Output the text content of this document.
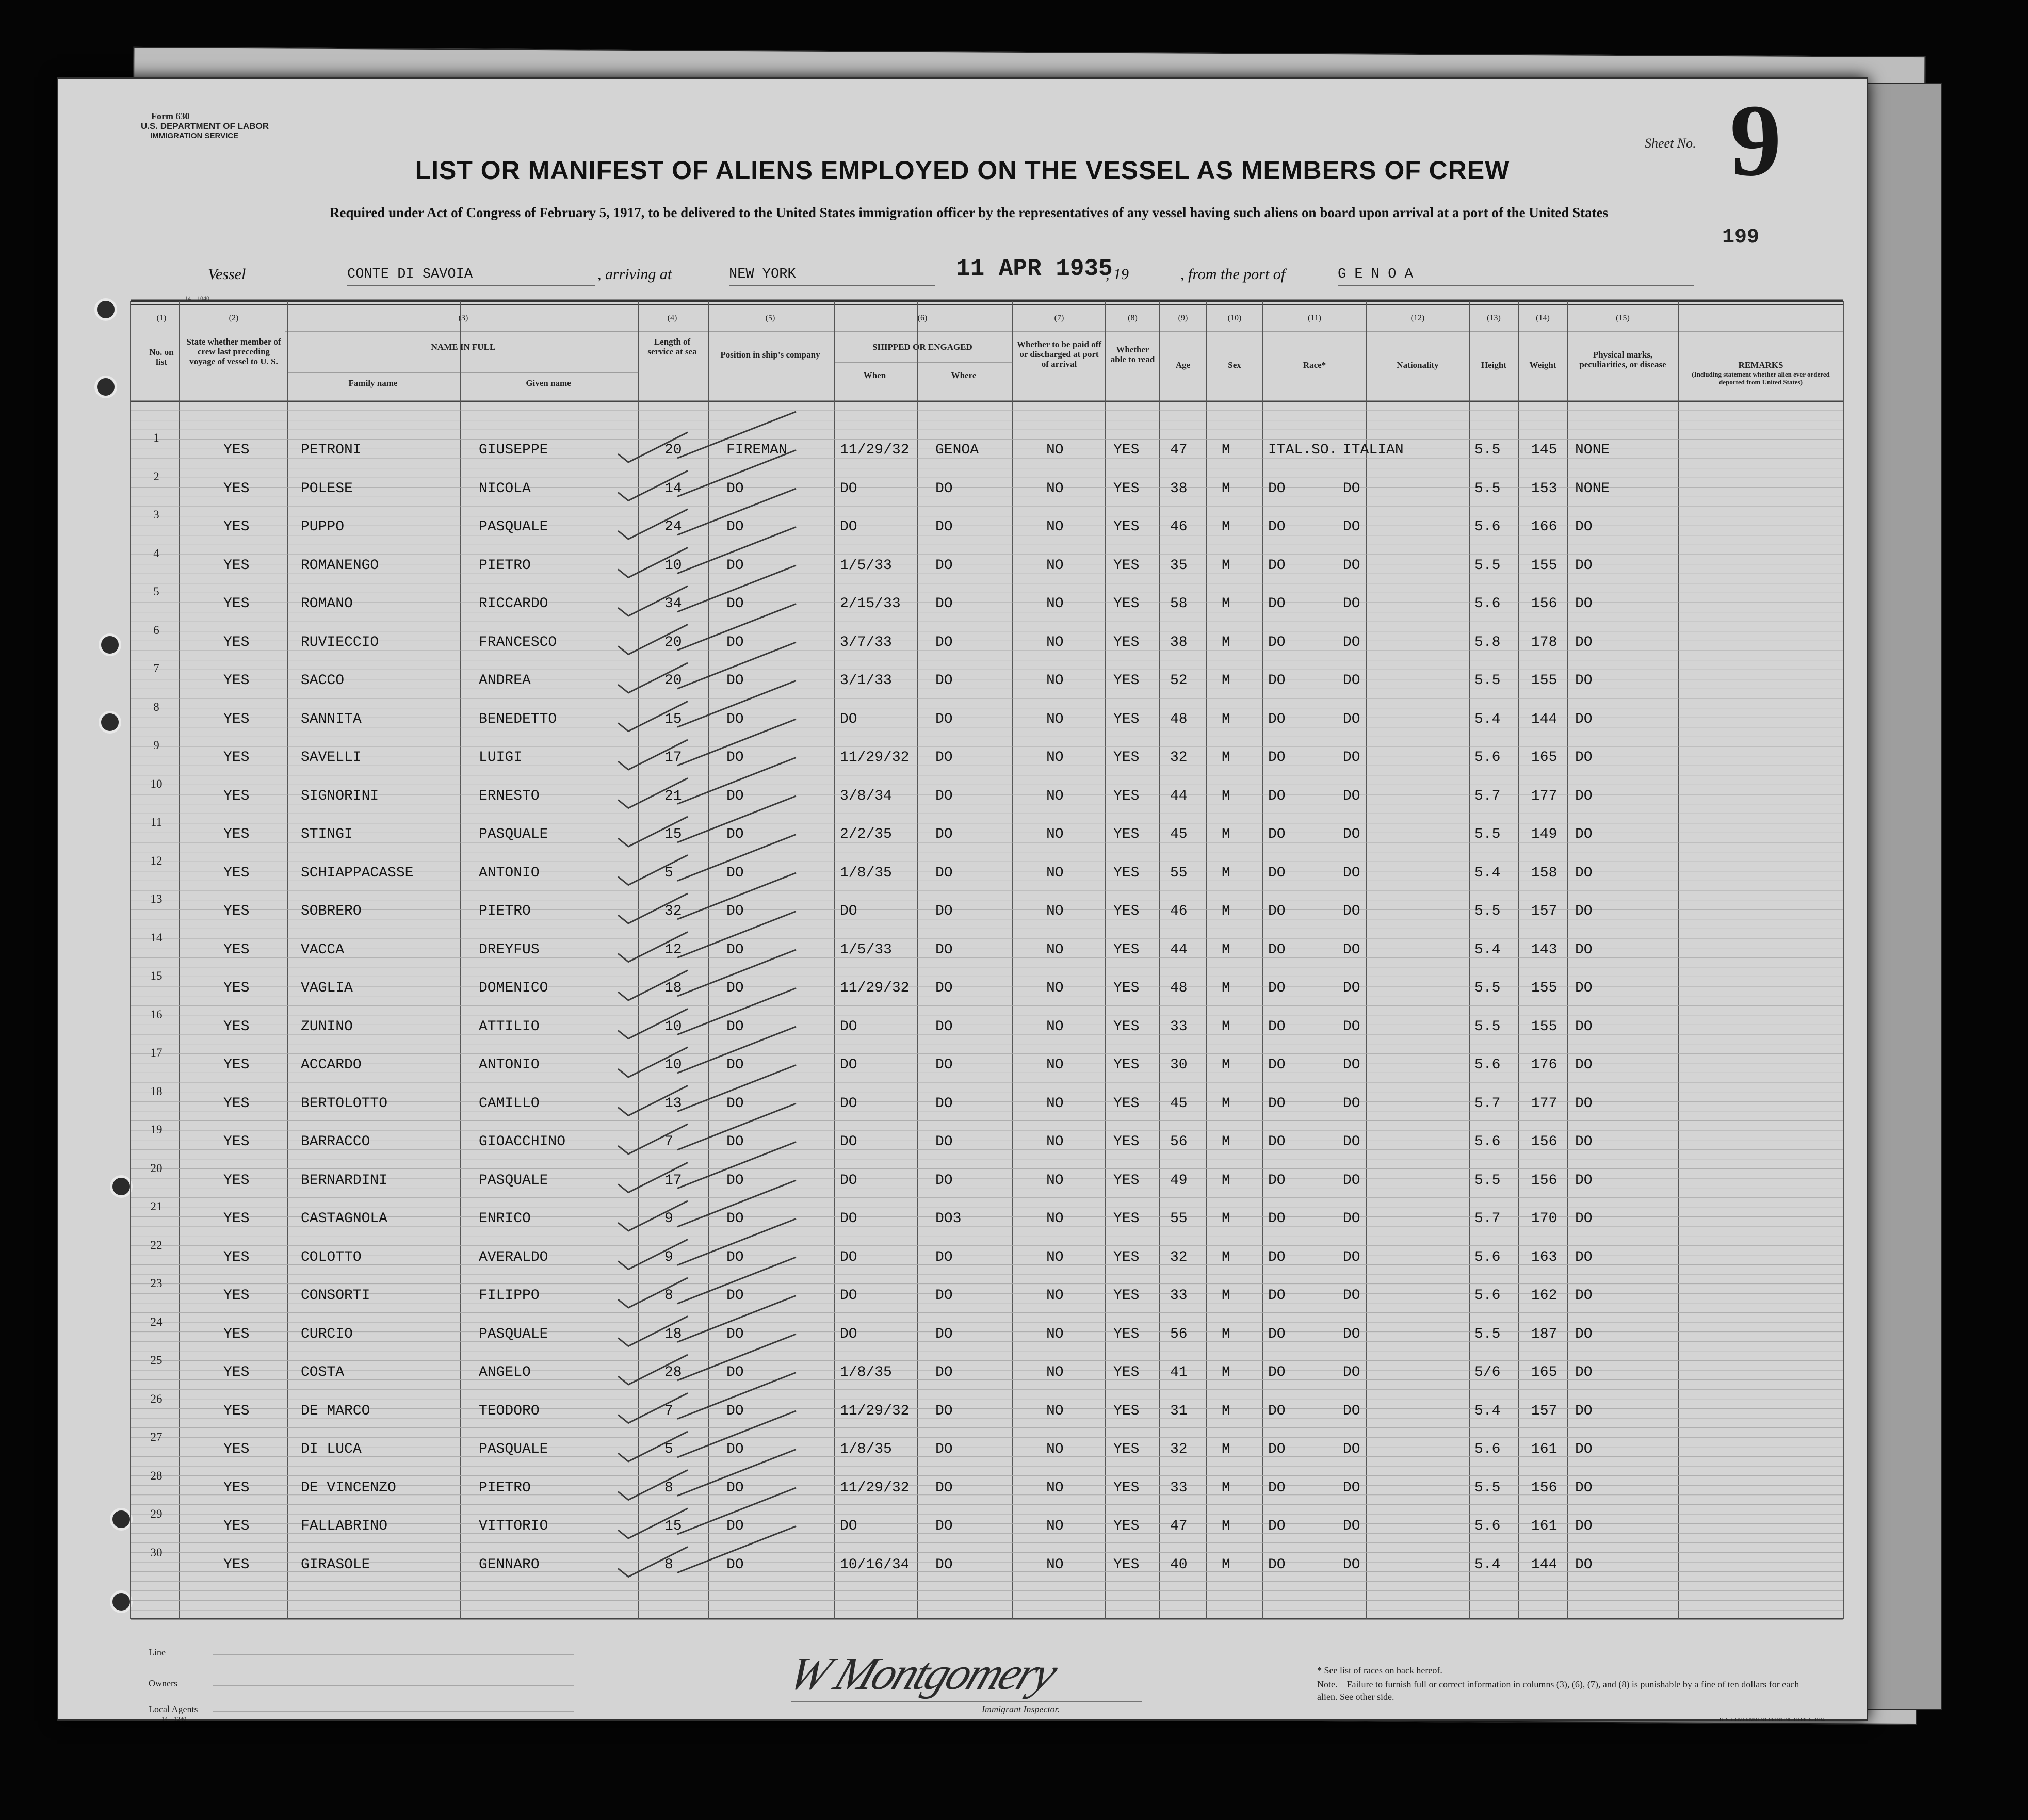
Form 630
U.S. DEPARTMENT OF LABOR
IMMIGRATION SERVICE
LIST OR MANIFEST OF ALIENS EMPLOYED ON THE VESSEL AS MEMBERS OF CREW
Required under Act of Congress of February 5, 1917, to be delivered to the United States immigration officer by the representatives of any vessel having such aliens on board upon arrival at a port of the United States
Sheet No. 9
199
Vessel	CONTE DI SAVOIA	, arriving at	NEW YORK	11 APR 1935
, 19	, from the port of	G E N O A
14—1040
(1)
No. on list
(2)
State whether member of crew last preceding voyage of vessel to U. S.
(3)
NAME IN FULL
Family name	Given name
(4)
Length of service at sea
(5)
Position in ship's company
(6)
SHIPPED OR ENGAGED
When	Where
(7)
Whether to be paid off or discharged at port of arrival
(8)
Whether able to read
(9)
Age
(10)
Sex
(11)
Race*
(12)
Nationality
(13)
Height
(14)
Weight
(15)
Physical marks, peculiarities, or disease	REMARKS
(Including statement whether alien ever ordered deported from United States)
1
YES	PETRONI	GIUSEPPE	20	FIREMAN	11/29/32 GENOA	NO	YES 47 M	ITAL.SO. ITALIAN	5.5 145 NONE
2
YES	POLESE	NICOLA	14	DO	DO	DO	NO	YES 38 M	DO	DO	5.5 153 NONE
3
YES	PUPPO	PASQUALE	24	DO	DO	DO	NO	YES 46 M	DO	DO	5.6 166 DO
4
YES	ROMANENGO	PIETRO	10	DO	1/5/33	DO	NO	YES 35 M	DO	DO	5.5 155 DO
5
YES	ROMANO	RICCARDO	34	DO	2/15/33 DO	NO	YES 58 M	DO	DO	5.6 156 DO
6
YES	RUVIECCIO	FRANCESCO	20	DO	3/7/33	DO	NO	YES 38 M	DO	DO	5.8 178 DO
7
YES	SACCO	ANDREA	20	DO	3/1/33	DO	NO	YES 52 M	DO	DO	5.5 155 DO
8
YES	SANNITA	BENEDETTO	15	DO	DO	DO	NO	YES 48 M	DO	DO	5.4 144 DO
9
YES	SAVELLI	LUIGI	17	DO	11/29/32 DO	NO	YES 32 M	DO	DO	5.6 165 DO
10
YES	SIGNORINI	ERNESTO	21	DO	3/8/34	DO	NO	YES 44 M	DO	DO	5.7 177 DO
11
YES	STINGI	PASQUALE	15	DO	2/2/35	DO	NO	YES 45 M	DO	DO	5.5 149 DO
12
YES	SCHIAPPACASSE	ANTONIO	5	DO	1/8/35	DO	NO	YES 55 M	DO	DO	5.4 158 DO
13
YES	SOBRERO	PIETRO	32	DO	DO	DO	NO	YES 46 M	DO	DO	5.5 157 DO
14
YES	VACCA	DREYFUS	12	DO	1/5/33	DO	NO	YES 44 M	DO	DO	5.4 143 DO
15
YES	VAGLIA	DOMENICO	18	DO	11/29/32 DO	NO	YES 48 M	DO	DO	5.5 155 DO
16
YES	ZUNINO	ATTILIO	10	DO	DO	DO	NO	YES 33 M	DO	DO	5.5 155 DO
17
YES	ACCARDO	ANTONIO	10	DO	DO	DO	NO	YES 30 M	DO	DO	5.6 176 DO
18
YES	BERTOLOTTO	CAMILLO	13	DO	DO	DO	NO	YES 45 M	DO	DO	5.7 177 DO
19
YES	BARRACCO	GIOACCHINO	7	DO	DO	DO	NO	YES 56 M	DO	DO	5.6 156 DO
20
YES	BERNARDINI	PASQUALE	17	DO	DO	DO	NO	YES 49 M	DO	DO	5.5 156 DO
21
YES	CASTAGNOLA	ENRICO	9	DO	DO	DO3	NO	YES 55 M	DO	DO	5.7 170 DO
22
YES	COLOTTO	AVERALDO	9	DO	DO	DO	NO	YES 32 M	DO	DO	5.6 163 DO
23
YES	CONSORTI	FILIPPO	8	DO	DO	DO	NO	YES 33 M	DO	DO	5.6 162 DO
24
YES	CURCIO	PASQUALE	18	DO	DO	DO	NO	YES 56 M	DO	DO	5.5 187 DO
25
YES	COSTA	ANGELO	28	DO	1/8/35	DO	NO	YES 41 M	DO	DO	5/6 165 DO
26
YES	DE MARCO	TEODORO	7	DO	11/29/32 DO	NO	YES 31 M	DO	DO	5.4 157 DO
27
YES	DI LUCA	PASQUALE	5	DO	1/8/35	DO	NO	YES 32 M	DO	DO	5.6 161 DO
28
YES	DE VINCENZO	PIETRO	8	DO	11/29/32 DO	NO	YES 33 M	DO	DO	5.5 156 DO
29
YES	FALLABRINO	VITTORIO	15	DO	DO	DO	NO	YES 47 M	DO	DO	5.6 161 DO
30
YES	GIRASOLE	GENNARO	8	DO	10/16/34 DO	NO	YES 40 M	DO	DO	5.4 144 DO
Line
Owners
Local Agents
14—1240
W Montgomery
Immigrant Inspector.
* See list of races on back hereof.
Note.—Failure to furnish full or correct information in columns (3), (6), (7), and (8) is punishable by a fine of ten dollars for each alien. See other side.
U. S. GOVERNMENT PRINTING OFFICE: 1934
